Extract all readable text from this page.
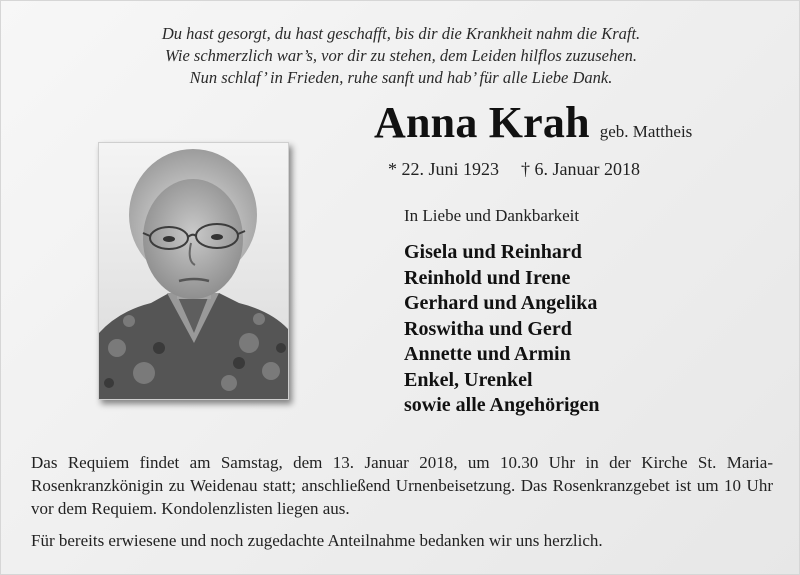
Du hast gesorgt, du hast geschafft, bis dir die Krankheit nahm die Kraft.
Wie schmerzlich war’s, vor dir zu stehen, dem Leiden hilflos zuzusehen.
Nun schlaf’ in Frieden, ruhe sanft und hab’ für alle Liebe Dank.
Anna Krah geb. Mattheis
* 22. Juni 1923 † 6. Januar 2018
In Liebe und Dankbarkeit
Gisela und Reinhard
Reinhold und Irene
Gerhard und Angelika
Roswitha und Gerd
Annette und Armin
Enkel, Urenkel
sowie alle Angehörigen
Das Requiem findet am Samstag, dem 13. Januar 2018, um 10.30 Uhr in der Kirche St. Maria-Rosenkranzkönigin zu Weidenau statt; anschließend Urnenbeisetzung. Das Rosenkranzgebet ist um 10 Uhr vor dem Requiem. Kondolenzlisten liegen aus.
Für bereits erwiesene und noch zugedachte Anteilnahme bedanken wir uns herzlich.
